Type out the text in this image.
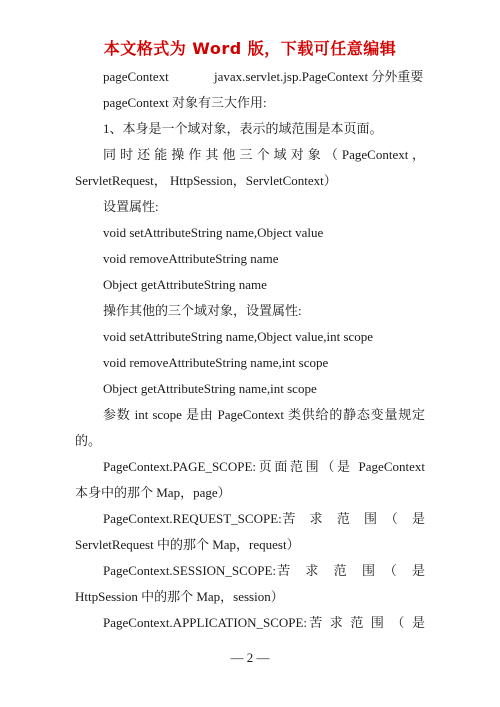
本文格式为 Word 版，下载可任意编辑
pageContext	javax.servlet.jsp.PageContext 分外重要
pageContext 对象有三大作用:
1、本身是一个域对象，表示的域范围是本页面。
同 时 还 能 操 作 其 他 三 个 域 对 象 （ PageContext ，
ServletRequest， HttpSession，ServletContext）
设置属性:
void setAttributeString name,Object value
void removeAttributeString name
Object getAttributeString name
操作其他的三个域对象，设置属性:
void setAttributeString name,Object value,int scope
void removeAttributeString name,int scope
Object getAttributeString name,int scope
参数 int scope 是由 PageContext 类供给的静态变量规定
的。
PageContext.PAGE_SCOPE:页面范围（是 PageContext
本身中的那个 Map，page）
PageContext.REQUEST_SCOPE:苦　求　范　围　（　是
ServletRequest 中的那个 Map，request）
PageContext.SESSION_SCOPE:苦　求　范　围　（　是
HttpSession 中的那个 Map，session）
PageContext.APPLICATION_SCOPE:苦 求 范 围 （ 是
— 2 —
